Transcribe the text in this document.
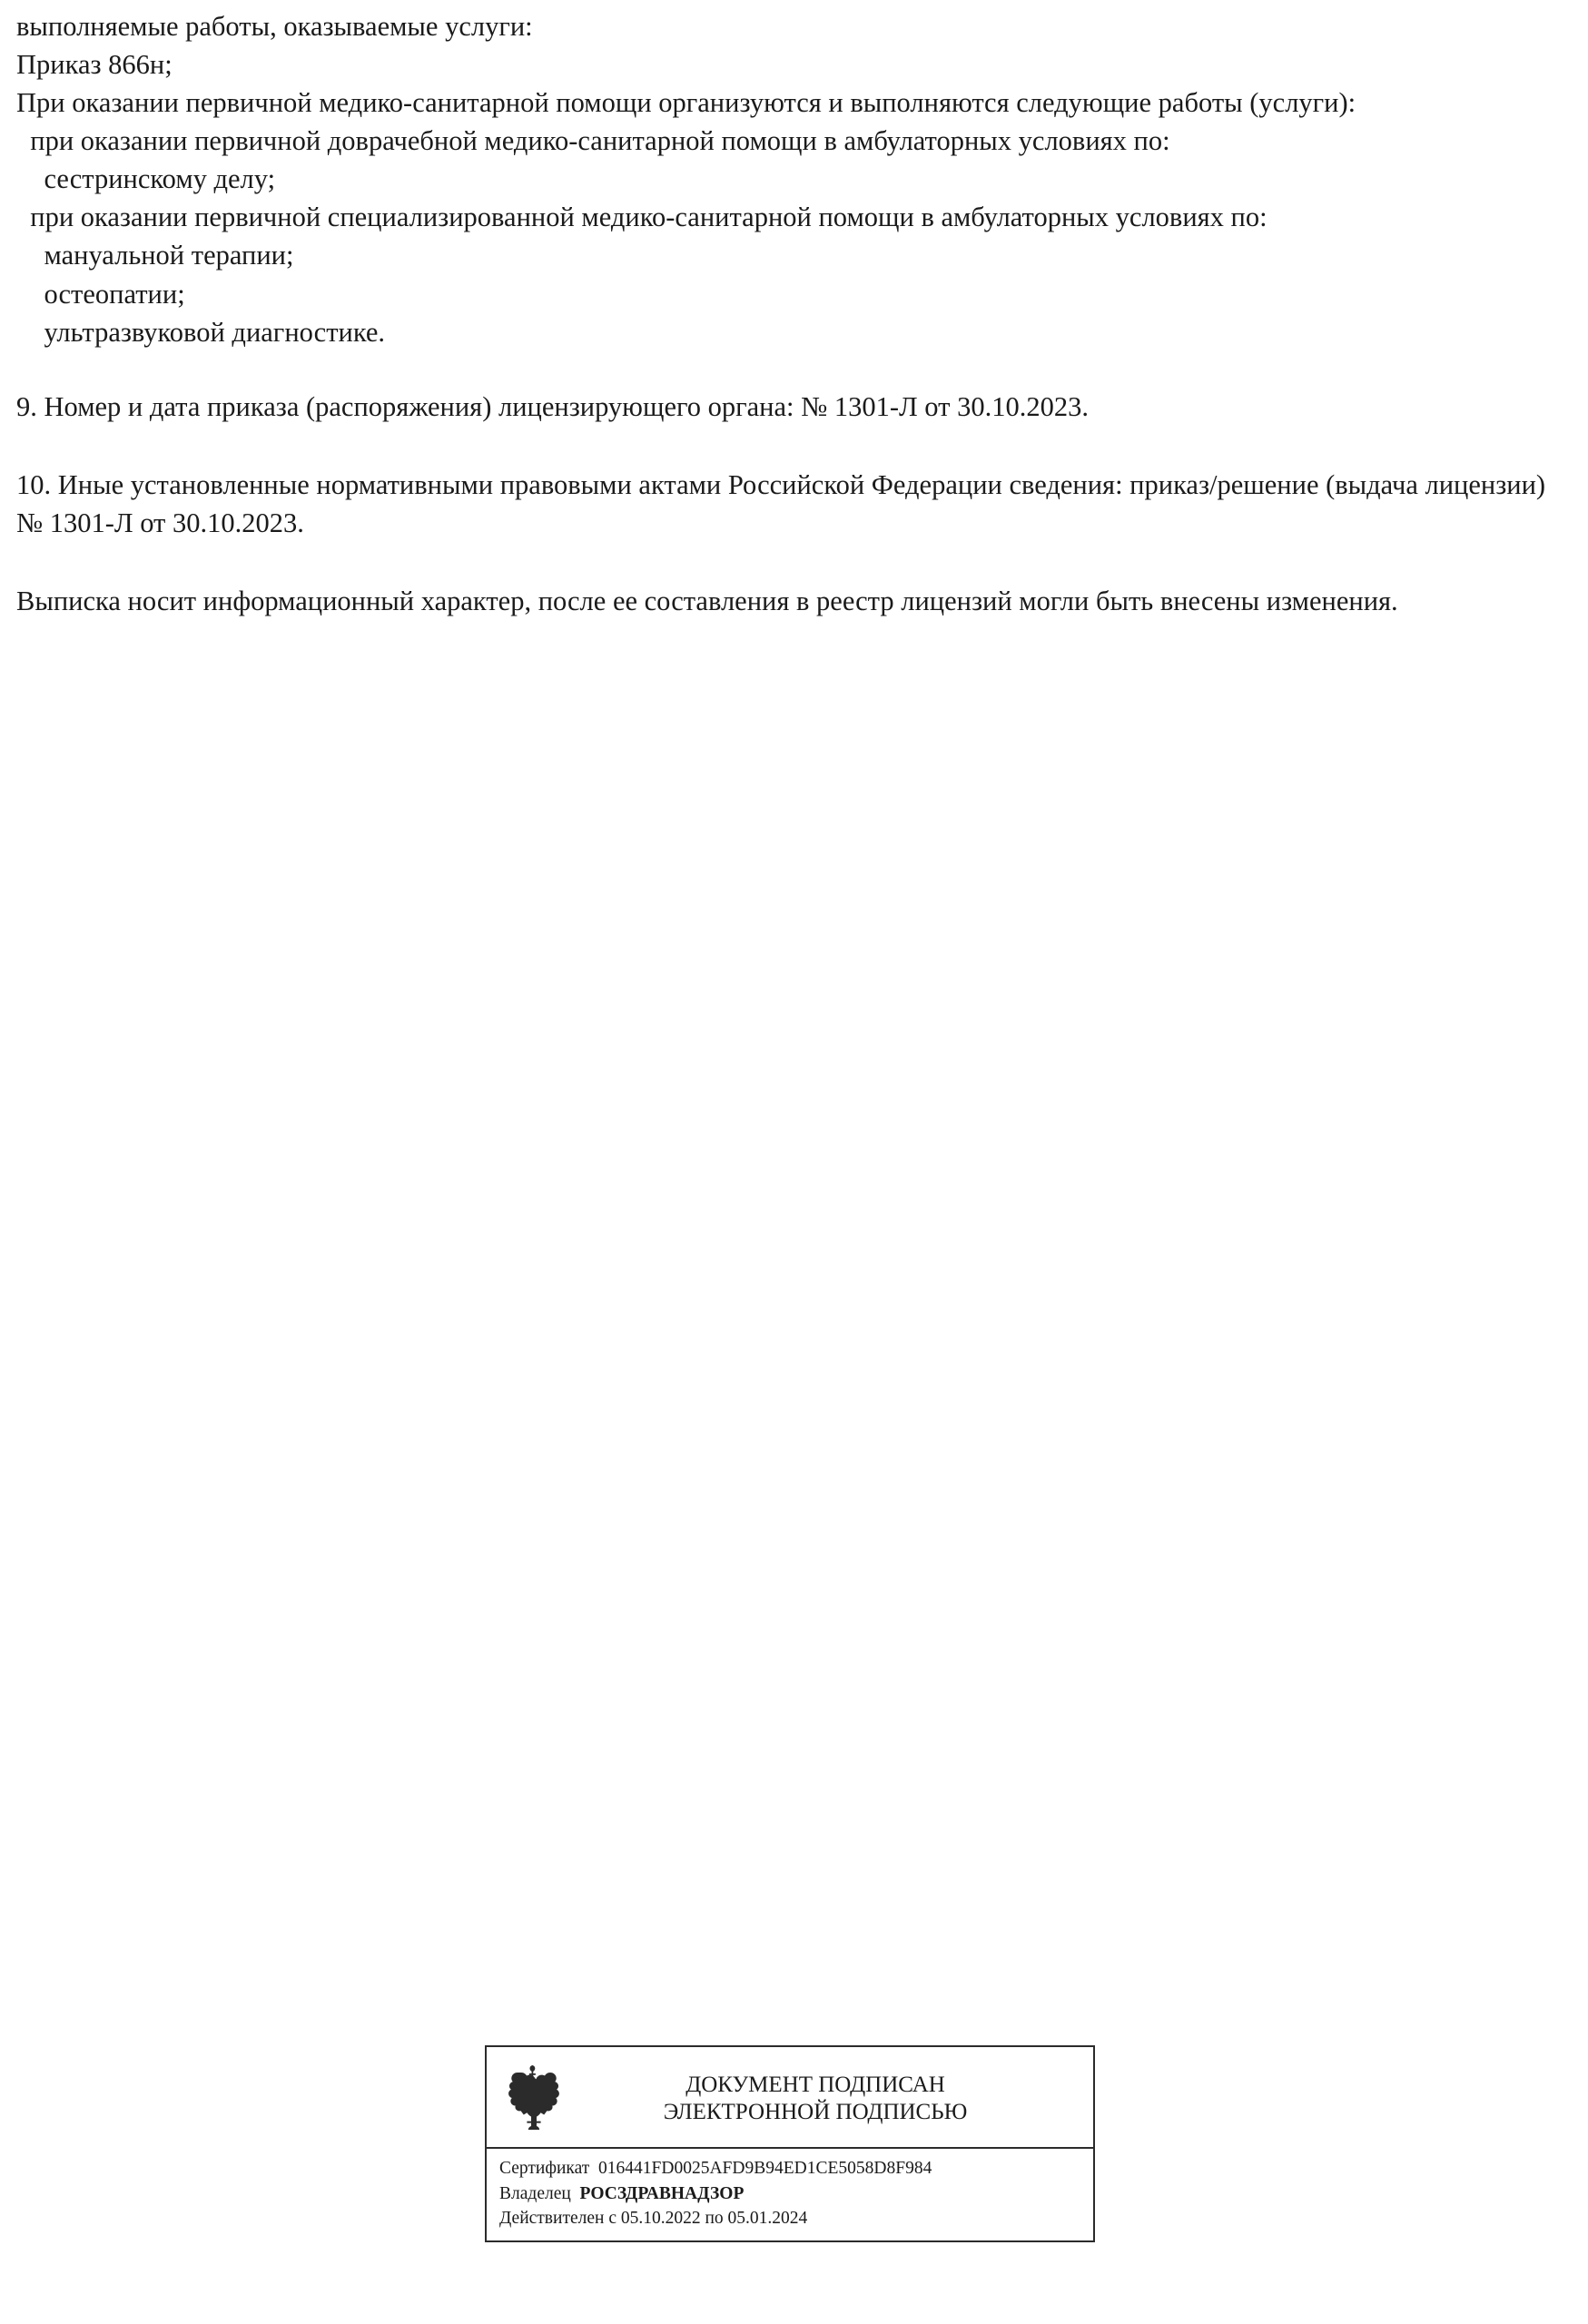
выполняемые работы, оказываемые услуги:

Приказ 866н;

При оказании первичной медико-санитарной помощи организуются и выполняются следующие работы (услуги):

при оказании первичной доврачебной медико-санитарной помощи в амбулаторных условиях по:

сестринскому делу;

при оказании первичной специализированной медико-санитарной помощи в амбулаторных условиях по:

мануальной терапии;

остеопатии;

ультразвуковой диагностике.

9. Номер и дата приказа (распоряжения) лицензирующего органа: № 1301-Л от 30.10.2023.

10. Иные установленные нормативными правовыми актами Российской Федерации сведения: приказ/решение (выдача лицензии) № 1301-Л от 30.10.2023.

Выписка носит информационный характер, после ее составления в реестр лицензий могли быть внесены изменения.

ДОКУМЕНТ ПОДПИСАН
ЭЛЕКТРОННОЙ ПОДПИСЬЮ
Сертификат 016441FD0025AFD9B94ED1CE5058D8F984
Владелец РОСЗДРАВНАДЗОР
Действителен с 05.10.2022 по 05.01.2024
